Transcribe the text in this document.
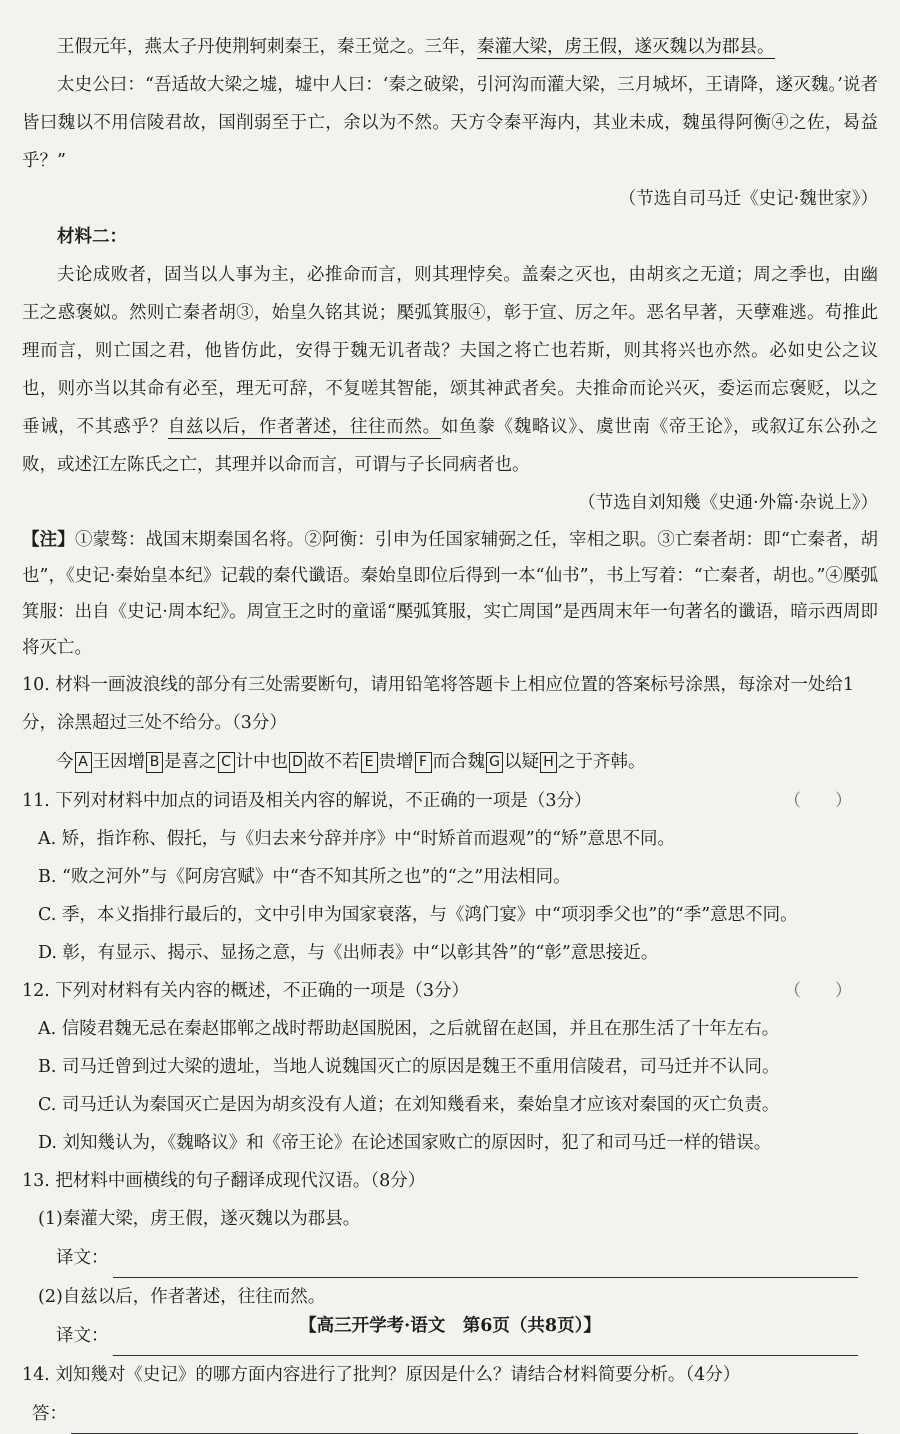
王假元年，燕太子丹使荆轲刺秦王，秦王觉之。三年，秦灌大梁，虏王假，遂灭魏以为郡县。

太史公曰：“吾适故大梁之墟，墟中人曰：‘秦之破梁，引河沟而灌大梁，三月城坏，王请降，遂灭魏。’说者皆曰魏以不用信陵君故，国削弱至于亡，余以为不然。天方令秦平海内，其业未成，魏虽得阿衡④之佐，曷益乎？”

（节选自司马迁《史记·魏世家》）

材料二：

夫论成败者，固当以人事为主，必推命而言，则其理悖矣。盖秦之灭也，由胡亥之无道；周之季也，由幽王之惑褒姒。然则亡秦者胡③，始皇久铭其说；檿弧箕服④，彰于宣、厉之年。恶名早著，天孽难逃。苟推此理而言，则亡国之君，他皆仿此，安得于魏无讥者哉？夫国之将亡也若斯，则其将兴也亦然。必如史公之议也，则亦当以其命有必至，理无可辞，不复嗟其智能，颂其神武者矣。夫推命而论兴灭，委运而忘褒贬，以之垂诫，不其惑乎？自兹以后，作者著述，往往而然。如鱼豢《魏略议》、虞世南《帝王论》，或叙辽东公孙之败，或述江左陈氏之亡，其理并以命而言，可谓与子长同病者也。

（节选自刘知幾《史通·外篇·杂说上》）

【注】①蒙骜：战国末期秦国名将。②阿衡：引申为任国家辅弼之任，宰相之职。③亡秦者胡：即“亡秦者，胡也”，《史记·秦始皇本纪》记载的秦代谶语。秦始皇即位后得到一本“仙书”，书上写着：“亡秦者，胡也。”④檿弧箕服：出自《史记·周本纪》。周宣王之时的童谣“檿弧箕服，实亡周国”是西周末年一句著名的谶语，暗示西周即将灭亡。

10. 材料一画波浪线的部分有三处需要断句，请用铅笔将答题卡上相应位置的答案标号涂黑，每涂对一处给1分，涂黑超过三处不给分。（3分）

今 A 王因增 B 是喜之 C 计中也 D 故不若 E 贵增 F 而合魏 G 以疑 H 之于齐韩。

11. 下列对材料中加点的词语及相关内容的解说，不正确的一项是（3分）	（　　）

A. 矫，指诈称、假托，与《归去来兮辞并序》中“时矫首而遐观”的“矫”意思不同。

B. “败之河外”与《阿房宫赋》中“杳不知其所之也”的“之”用法相同。

C. 季，本义指排行最后的，文中引申为国家衰落，与《鸿门宴》中“项羽季父也”的“季”意思不同。

D. 彰，有显示、揭示、显扬之意，与《出师表》中“以彰其咎”的“彰”意思接近。

12. 下列对材料有关内容的概述，不正确的一项是（3分）	（　　）

A. 信陵君魏无忌在秦赵邯郸之战时帮助赵国脱困，之后就留在赵国，并且在那生活了十年左右。

B. 司马迁曾到过大梁的遗址，当地人说魏国灭亡的原因是魏王不重用信陵君，司马迁并不认同。

C. 司马迁认为秦国灭亡是因为胡亥没有人道；在刘知幾看来，秦始皇才应该对秦国的灭亡负责。

D. 刘知幾认为，《魏略议》和《帝王论》在论述国家败亡的原因时，犯了和司马迁一样的错误。

13. 把材料中画横线的句子翻译成现代汉语。（8分）

(1)秦灌大梁，虏王假，遂灭魏以为郡县。

译文：

(2)自兹以后，作者著述，往往而然。

译文：

14. 刘知幾对《史记》的哪方面内容进行了批判？原因是什么？请结合材料简要分析。（4分）

答：
【高三开学考·语文　第6页（共8页）】
